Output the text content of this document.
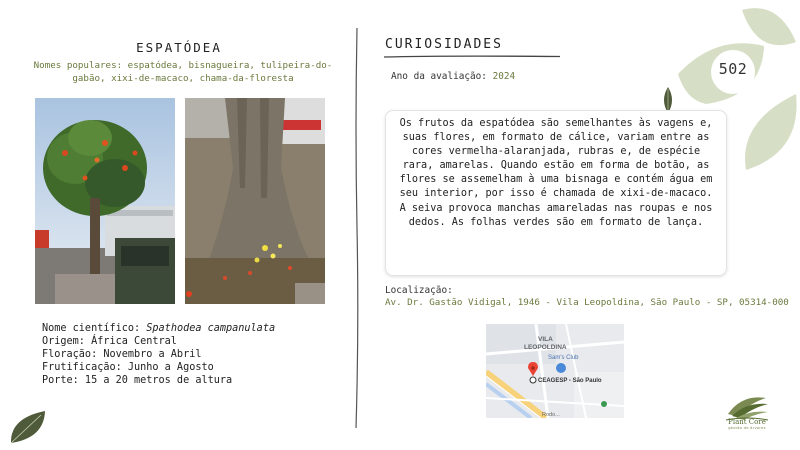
ESPATÓDEA
Nomes populares: espatódea, bisnagueira, tulipeira-do-gabão, xixi-de-macaco, chama-da-floresta
Nome científico: Spathodea campanulata
Origem: África Central
Floração: Novembro a Abril
Frutificação: Junho a Agosto
Porte: 15 a 20 metros de altura
CURIOSIDADES
Ano da avaliação: 2024	502
Os frutos da espatódea são semelhantes às vagens e, suas flores, em formato de cálice, variam entre as cores vermelha-alaranjada, rubras e, de espécie rara, amarelas. Quando estão em forma de botão, as flores se assemelham à uma bisnaga e contém água em seu interior, por isso é chamada de xixi-de-macaco. A seiva provoca manchas amareladas nas roupas e nos dedos. As folhas verdes são em formato de lança.
Localização:
Av. Dr. Gastão Vidigal, 1946 - Vila Leopoldina, São Paulo - SP, 05314-000
VILA
LEOPOLDINA
Sam's Club
CEAGESP - São Paulo
Rodo...
Plant Core
gestão de árvores
